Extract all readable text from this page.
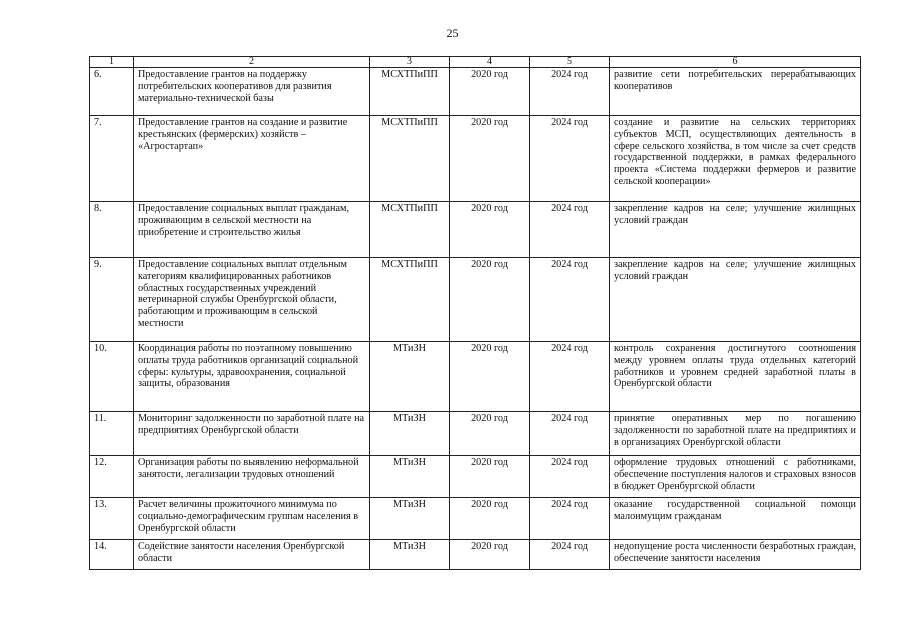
25
1	2	3	4	5	6
6.	Предоставление грантов на поддержку потребительских кооперативов для развития материально-технической базы	МСХТПиПП	2020 год	2024 год	развитие сети потребительских перерабатывающих кооперативов
7.	Предоставление грантов на создание и развитие крестьянских (фермерских) хозяйств – «Агростартап»	МСХТПиПП	2020 год	2024 год	создание и развитие на сельских территориях субъектов МСП, осуществляющих деятельность в сфере сельского хозяйства, в том числе за счет средств государственной поддержки, в рамках федерального проекта «Система поддержки фермеров и развитие сельской кооперации»
8.	Предоставление социальных выплат гражданам, проживающим в сельской местности на приобретение и строительство жилья	МСХТПиПП	2020 год	2024 год	закрепление кадров на селе; улучшение жилищных условий граждан
9.	Предоставление социальных выплат отдельным категориям квалифицированных работников областных государственных учреждений ветеринарной службы Оренбургской области, работающим и проживающим в сельской местности	МСХТПиПП	2020 год	2024 год	закрепление кадров на селе; улучшение жилищных условий граждан
10.	Координация работы по поэтапному повышению оплаты труда работников организаций социальной сферы: культуры, здравоохранения, социальной защиты, образования	МТиЗН	2020 год	2024 год	контроль сохранения достигнутого соотношения между уровнем оплаты труда отдельных категорий работников и уровнем средней заработной платы в Оренбургской области
11.	Мониторинг задолженности по заработной плате на предприятиях Оренбургской области	МТиЗН	2020 год	2024 год	принятие оперативных мер по погашению задолженности по заработной плате на предприятиях и в организациях Оренбургской области
12.	Организация работы по выявлению неформальной занятости, легализации трудовых отношений	МТиЗН	2020 год	2024 год	оформление трудовых отношений с работниками, обеспечение поступления налогов и страховых взносов в бюджет Оренбургской области
13.	Расчет величины прожиточного минимума по социально-демографическим группам населения в Оренбургской области	МТиЗН	2020 год	2024 год	оказание государственной социальной помощи малоимущим гражданам
14.	Содействие занятости населения Оренбургской области	МТиЗН	2020 год	2024 год	недопущение роста численности безработных граждан, обеспечение занятости населения
